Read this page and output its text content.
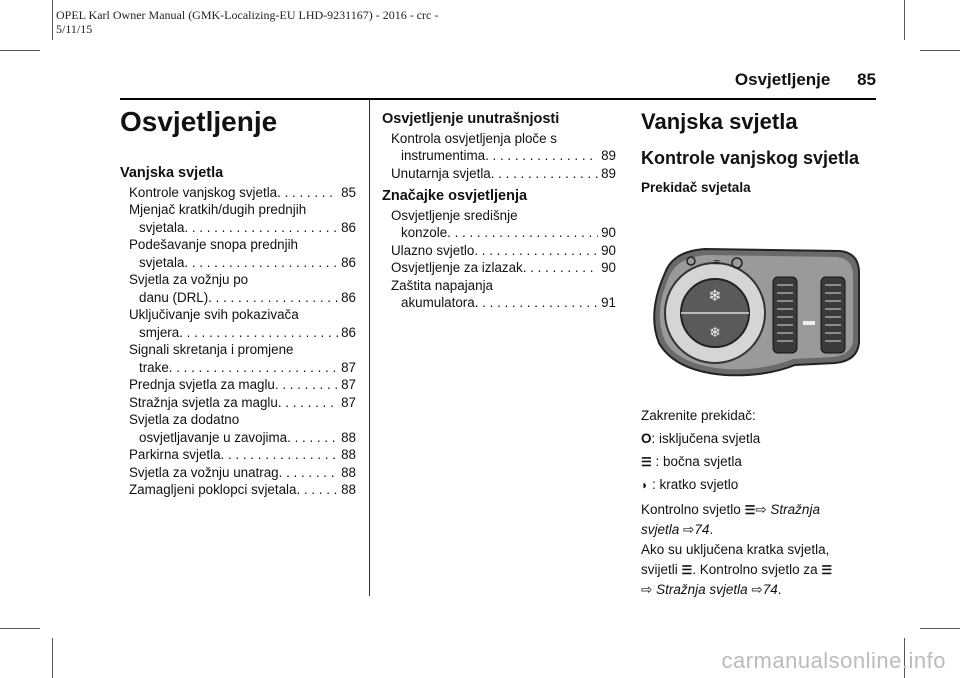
OPEL Karl Owner Manual (GMK-Localizing-EU LHD-9231167) - 2016 - crc -
5/11/15
Osvjetljenje 85
Osvjetljenje
Vanjska svjetla
Kontrole vanjskog svjetla . . .	85
Mjenjač kratkih/dugih prednjih
svjetala . . .	86
Podešavanje snopa prednjih
svjetala . . .	86
Svjetla za vožnju po
danu (DRL) . . .	86
Uključivanje svih pokazivača
smjera . . .	86
Signali skretanja i promjene
trake . . .	87
Prednja svjetla za maglu . . .	87
Stražnja svjetla za maglu . . .	87
Svjetla za dodatno
osvjetljavanje u zavojima . . .	88
Parkirna svjetla . . .	88
Svjetla za vožnju unatrag . . .	88
Zamagljeni poklopci svjetala . . .	88
Osvjetljenje unutrašnjosti
Kontrola osvjetljenja ploče s
instrumentima . . .	89
Unutarnja svjetla . . .	89
Značajke osvjetljenja
Osvjetljenje središnje
konzole . . .	90
Ulazno svjetlo . . .	90
Osvjetljenje za izlazak . . .	90
Zaštita napajanja
akumulatora . . .	91
Vanjska svjetla
Kontrole vanjskog svjetla
Prekidač svjetala
❄
❄
≡
Zakrenite prekidač:
O: isključena svjetla
☰ : bočna svjetla
◗ : kratko svjetlo
Kontrolno svjetlo ☰⇨ Stražnja
svjetla ⇨74.
Ako su uključena kratka svjetla,
svijetli ☰. Kontrolno svjetlo za ☰
⇨ Stražnja svjetla ⇨74.
carmanualsonline.info
